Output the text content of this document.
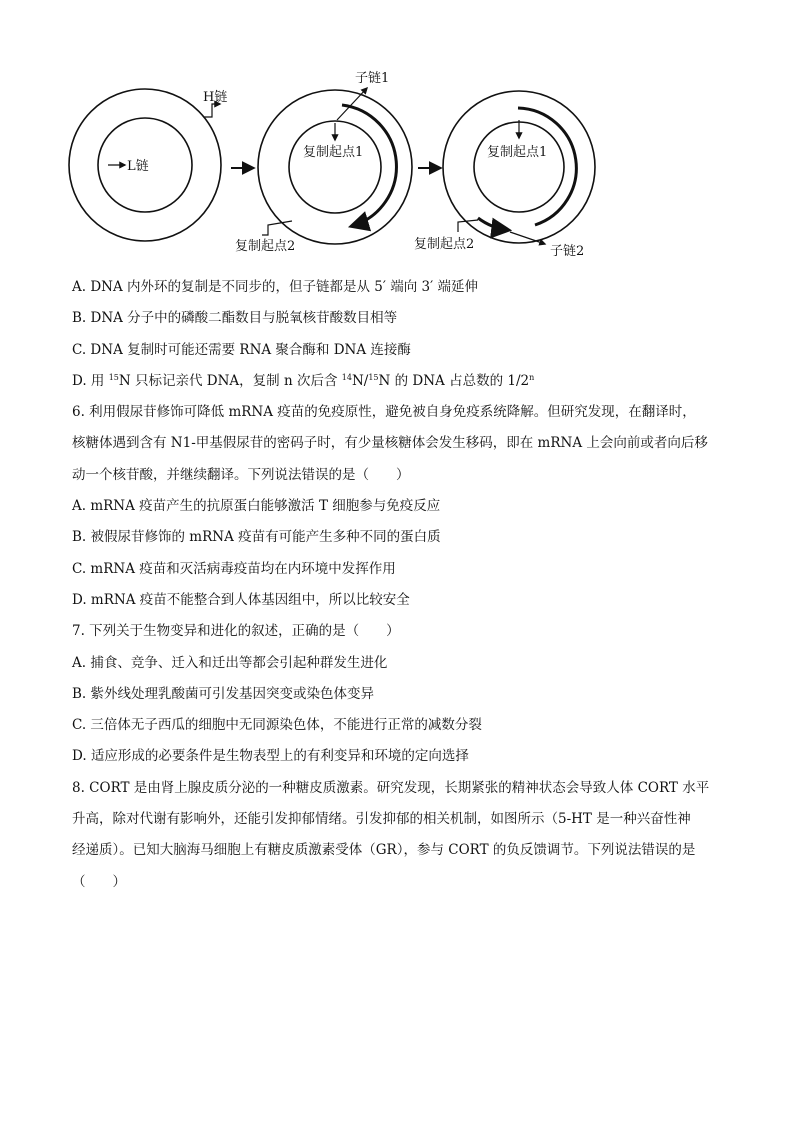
H链
L链
子链1
复制起点1
复制起点2
复制起点1
子链2
复制起点2
A. DNA 内外环的复制是不同步的，但子链都是从 5′ 端向 3′ 端延伸
B. DNA 分子中的磷酸二酯数目与脱氧核苷酸数目相等
C. DNA 复制时可能还需要 RNA 聚合酶和 DNA 连接酶
D. 用 $^{15}$N 只标记亲代 DNA，复制 n 次后含 $^{14}$N/$^{15}$N 的 DNA 占总数的 1/2$^n$
6. 利用假尿苷修饰可降低 mRNA 疫苗的免疫原性，避免被自身免疫系统降解。但研究发现，在翻译时，
核糖体遇到含有 N1-甲基假尿苷的密码子时，有少量核糖体会发生移码，即在 mRNA 上会向前或者向后移
动一个核苷酸，并继续翻译。下列说法错误的是（　　）
A. mRNA 疫苗产生的抗原蛋白能够激活 T 细胞参与免疫反应
B. 被假尿苷修饰的 mRNA 疫苗有可能产生多种不同的蛋白质
C. mRNA 疫苗和灭活病毒疫苗均在内环境中发挥作用
D. mRNA 疫苗不能整合到人体基因组中，所以比较安全
7. 下列关于生物变异和进化的叙述，正确的是（　　）
A. 捕食、竞争、迁入和迁出等都会引起种群发生进化
B. 紫外线处理乳酸菌可引发基因突变或染色体变异
C. 三倍体无子西瓜的细胞中无同源染色体，不能进行正常的减数分裂
D. 适应形成的必要条件是生物表型上的有利变异和环境的定向选择
8. CORT 是由肾上腺皮质分泌的一种糖皮质激素。研究发现，长期紧张的精神状态会导致人体 CORT 水平
升高，除对代谢有影响外，还能引发抑郁情绪。引发抑郁的相关机制，如图所示（5-HT 是一种兴奋性神
经递质）。已知大脑海马细胞上有糖皮质激素受体（GR），参与 CORT 的负反馈调节。下列说法错误的是
（　　）
